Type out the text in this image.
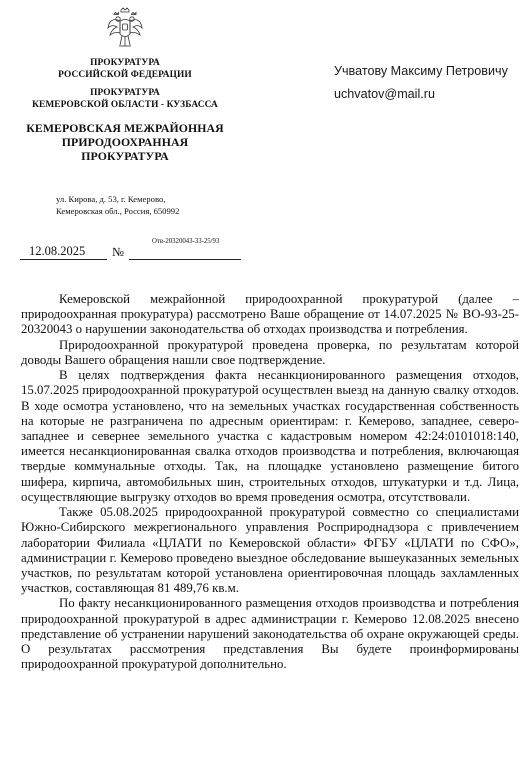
ПРОКУРАТУРА
РОССИЙСКОЙ ФЕДЕРАЦИИ
ПРОКУРАТУРА
КЕМЕРОВСКОЙ ОБЛАСТИ - КУЗБАССА
КЕМЕРОВСКАЯ МЕЖРАЙОННАЯ
ПРИРОДООХРАННАЯ
ПРОКУРАТУРА
ул. Кирова, д. 53, г. Кемерово,
Кемеровская обл., Россия, 650992
Учватову Максиму Петровичу
uchvatov@mail.ru
12.08.2025 №
Отв-20320043-33-25/93

Кемеровской межрайонной природоохранной прокуратурой (далее – природоохранная прокуратура) рассмотрено Ваше обращение от 14.07.2025 № ВО-93-25-20320043 о нарушении законодательства об отходах производства и потребления.

Природоохранной прокуратурой проведена проверка, по результатам которой доводы Вашего обращения нашли свое подтверждение.

В целях подтверждения факта несанкционированного размещения отходов, 15.07.2025 природоохранной прокуратурой осуществлен выезд на данную свалку отходов. В ходе осмотра установлено, что на земельных участках государственная собственность на которые не разграничена по адресным ориентирам: г. Кемерово, западнее, северо-западнее и севернее земельного участка с кадастровым номером 42:24:0101018:140, имеется несанкционированная свалка отходов производства и потребления, включающая твердые коммунальные отходы. Так, на площадке установлено размещение битого шифера, кирпича, автомобильных шин, строительных отходов, штукатурки и т.д. Лица, осуществляющие выгрузку отходов во время проведения осмотра, отсутствовали.

Также 05.08.2025 природоохранной прокуратурой совместно со специалистами Южно-Сибирского межрегионального управления Росприроднадзора с привлечением лаборатории Филиала «ЦЛАТИ по Кемеровской области» ФГБУ «ЦЛАТИ по СФО», администрации г. Кемерово проведено выездное обследование вышеуказанных земельных участков, по результатам которой установлена ориентировочная площадь захламленных участков, составляющая 81 489,76 кв.м.

По факту несанкционированного размещения отходов производства и потребления природоохранной прокуратурой в адрес администрации г. Кемерово 12.08.2025 внесено представление об устранении нарушений законодательства об охране окружающей среды. О результатах рассмотрения представления Вы будете проинформированы природоохранной прокуратурой дополнительно.
